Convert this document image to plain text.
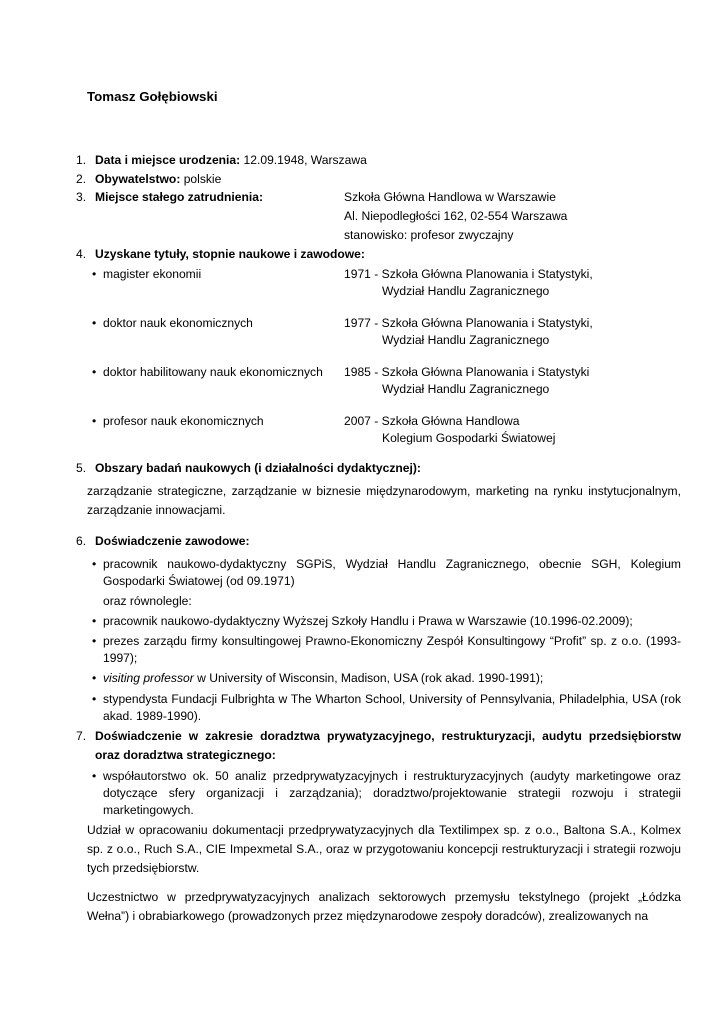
Tomasz Gołębiowski
1. Data i miejsce urodzenia: 12.09.1948, Warszawa
2. Obywatelstwo: polskie
3. Miejsce stałego zatrudnienia:	Szkoła Główna Handlowa w Warszawie
Al. Niepodległości 162, 02-554 Warszawa
stanowisko: profesor zwyczajny
4. Uzyskane tytuły, stopnie naukowe i zawodowe:
• magister ekonomii	1971 - Szkoła Główna Planowania i Statystyki,
Wydział Handlu Zagranicznego
• doktor nauk ekonomicznych	1977 - Szkoła Główna Planowania i Statystyki,
Wydział Handlu Zagranicznego
• doktor habilitowany nauk ekonomicznych 1985 - Szkoła Główna Planowania i Statystyki
Wydział Handlu Zagranicznego
• profesor nauk ekonomicznych	2007 - Szkoła Główna Handlowa
Kolegium Gospodarki Światowej
5. Obszary badań naukowych (i działalności dydaktycznej):
zarządzanie strategiczne, zarządzanie w biznesie międzynarodowym, marketing na rynku instytucjonalnym, zarządzanie innowacjami.
6. Doświadczenie zawodowe:
• pracownik naukowo-dydaktyczny SGPiS, Wydział Handlu Zagranicznego, obecnie SGH, Kolegium Gospodarki Światowej (od 09.1971)
oraz równolegle:
• pracownik naukowo-dydaktyczny Wyższej Szkoły Handlu i Prawa w Warszawie (10.1996-02.2009);
• prezes zarządu firmy konsultingowej Prawno-Ekonomiczny Zespół Konsultingowy “Profit” sp. z o.o. (1993-1997);
• visiting professor w University of Wisconsin, Madison, USA (rok akad. 1990-1991);
• stypendysta Fundacji Fulbrighta w The Wharton School, University of Pennsylvania, Philadelphia, USA (rok akad. 1989-1990).
7. Doświadczenie w zakresie doradztwa prywatyzacyjnego, restrukturyzacji, audytu przedsiębiorstw oraz doradztwa strategicznego:
• współautorstwo ok. 50 analiz przedprywatyzacyjnych i restrukturyzacyjnych (audyty marketingowe oraz dotyczące sfery organizacji i zarządzania); doradztwo/projektowanie strategii rozwoju i strategii marketingowych.
Udział w opracowaniu dokumentacji przedprywatyzacyjnych dla Textilimpex sp. z o.o., Baltona S.A., Kolmex sp. z o.o., Ruch S.A., CIE Impexmetal S.A., oraz w przygotowaniu koncepcji restrukturyzacji i strategii rozwoju tych przedsiębiorstw.
Uczestnictwo w przedprywatyzacyjnych analizach sektorowych przemysłu tekstylnego (projekt „Łódzka Wełna”) i obrabiarkowego (prowadzonych przez międzynarodowe zespoły doradców), zrealizowanych na
